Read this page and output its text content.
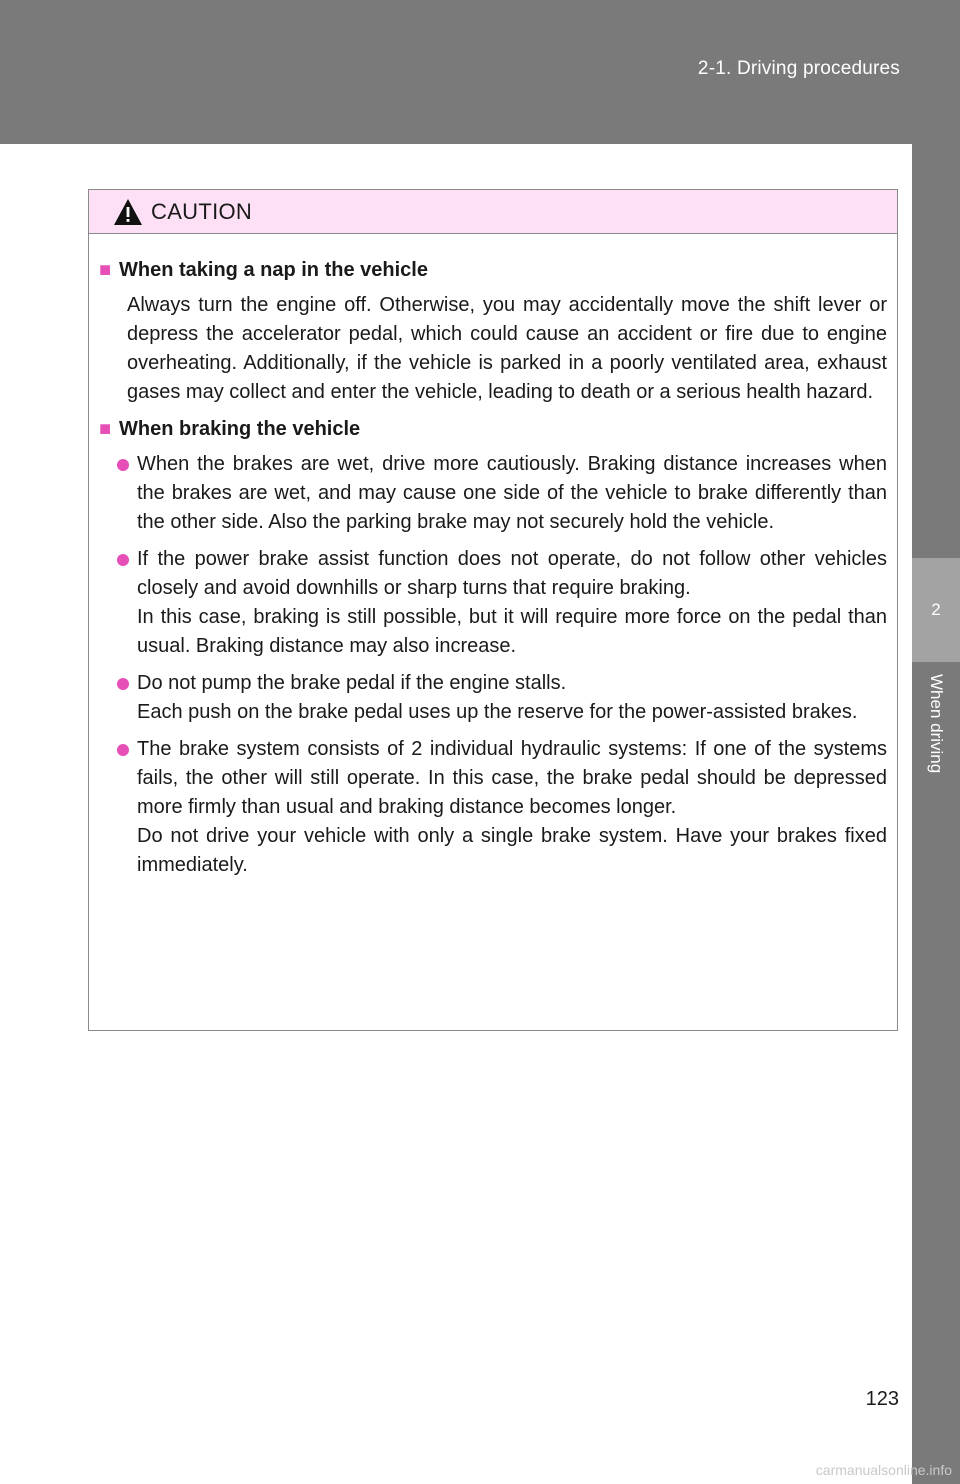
2-1. Driving procedures
2
When driving
CAUTION
■ When taking a nap in the vehicle

Always turn the engine off. Otherwise, you may accidentally move the shift lever or depress the accelerator pedal, which could cause an accident or fire due to engine overheating. Additionally, if the vehicle is parked in a poorly ventilated area, exhaust gases may collect and enter the vehicle, leading to death or a serious health hazard.

■ When braking the vehicle
When the brakes are wet, drive more cautiously. Braking distance increases when the brakes are wet, and may cause one side of the vehicle to brake differently than the other side. Also the parking brake may not securely hold the vehicle.
If the power brake assist function does not operate, do not follow other vehicles closely and avoid downhills or sharp turns that require braking.
In this case, braking is still possible, but it will require more force on the pedal than usual. Braking distance may also increase.
Do not pump the brake pedal if the engine stalls.
Each push on the brake pedal uses up the reserve for the power-assisted brakes.
The brake system consists of 2 individual hydraulic systems: If one of the systems fails, the other will still operate. In this case, the brake pedal should be depressed more firmly than usual and braking distance becomes longer.
Do not drive your vehicle with only a single brake system. Have your brakes fixed immediately.
123
carmanualsonline.info
